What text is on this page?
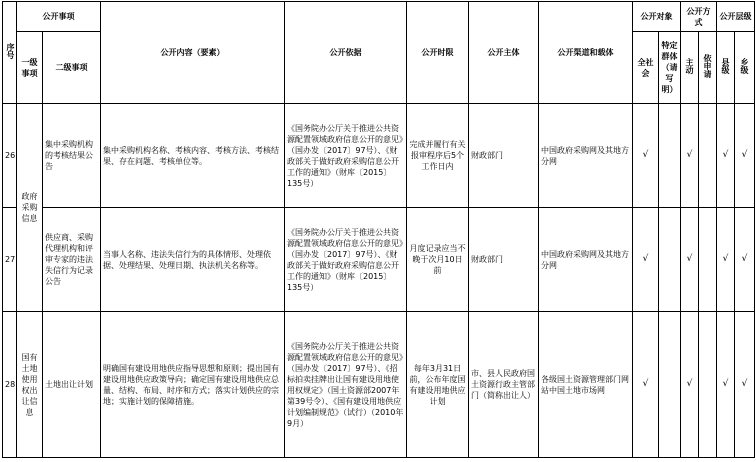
序号	公开事项		公开内容（要素）	公开依据	公开时限	公开主体	公开渠道和载体	公开对象		公开方式		公开层级	
	一级事项	二级事项						全社会	特定群体（请写明）	主动	依申请	县级	乡级
26	政府采购信息	集中采购机构的考核结果公告	集中采购机构名称、考核内容、考核方法、考核结果、存在问题、考核单位等。	《国务院办公厅关于推进公共资源配置领域政府信息公开的意见》（国办发〔2017〕97号）、《财政部关于做好政府采购信息公开工作的通知》（财库〔2015〕135号）	完成并履行有关报审程序后5个工作日内	财政部门	中国政府采购网及其地方分网	√		√		√	√
27		供应商、采购代理机构和评审专家的违法失信行为记录公告	当事人名称、违法失信行为的具体情形、处理依据、处理结果、处理日期、执法机关名称等。	《国务院办公厅关于推进公共资源配置领域政府信息公开的意见》（国办发〔2017〕97号）、《财政部关于做好政府采购信息公开工作的通知》（财库〔2015〕135号）	月度记录应当不晚于次月10日前	财政部门	中国政府采购网及其地方分网	√		√		√	√
28	国有土地使用权出让信息	土地出让计划	明确国有建设用地供应指导思想和原则；提出国有建设用地供应政策导向；确定国有建设用地供应总量、结构、布局、时序和方式；落实计划供应的宗地；实施计划的保障措施。	《国务院办公厅关于推进公共资源配置领域政府信息公开的意见》（国办发〔2017〕97号）、《招标拍卖挂牌出让国有建设用地使用权规定》（国土资源部2007年第39号令）、《国有建设用地供应计划编制规范》（试行）（2010年9月）	每年3月31日前，公布年度国有建设用地供应计划	市、县人民政府国土资源行政主管部门（简称出让人）	各级国土资源管理部门网站中国土地市场网	√		√		√	√
